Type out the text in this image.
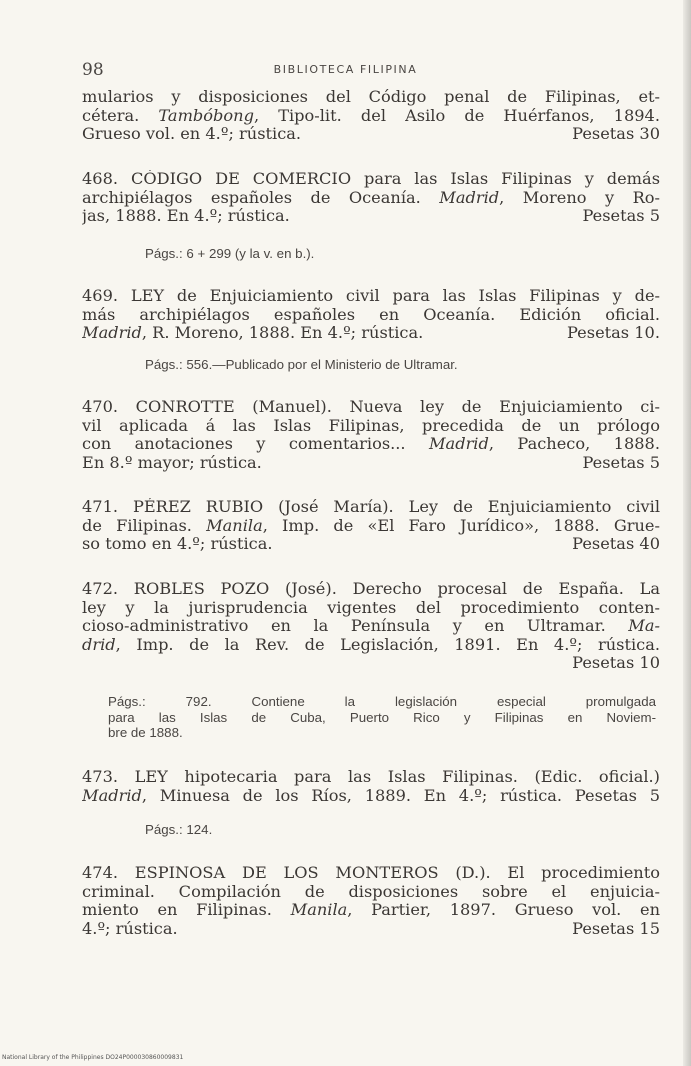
98	BIBLIOTECA FILIPINA
mularios y disposiciones del Código penal de Filipinas, et-
cétera. Tambóbong, Tipo-lit. del Asilo de Huérfanos, 1894.
Grueso vol. en 4.º; rústica.	Pesetas 30
468. CÓDIGO DE COMERCIO para las Islas Filipinas y demás
archipiélagos españoles de Oceanía. Madrid, Moreno y Ro-
jas, 1888. En 4.º; rústica.	Pesetas 5
Págs.: 6 + 299 (y la v. en b.).
469. LEY de Enjuiciamiento civil para las Islas Filipinas y de-
más archipiélagos españoles en Oceanía. Edición oficial.
Madrid, R. Moreno, 1888. En 4.º; rústica.	Pesetas 10.
Págs.: 556.—Publicado por el Ministerio de Ultramar.
470. CONROTTE (Manuel). Nueva ley de Enjuiciamiento ci-
vil aplicada á las Islas Filipinas, precedida de un prólogo
con anotaciones y comentarios... Madrid, Pacheco, 1888.
En 8.º mayor; rústica.	Pesetas 5
471. PÉREZ RUBIO (José María). Ley de Enjuiciamiento civil
de Filipinas. Manila, Imp. de «El Faro Jurídico», 1888. Grue-
so tomo en 4.º; rústica.	Pesetas 40
472. ROBLES POZO (José). Derecho procesal de España. La
ley y la jurisprudencia vigentes del procedimiento conten-
cioso-administrativo en la Península y en Ultramar. Ma-
drid, Imp. de la Rev. de Legislación, 1891. En 4.º; rústica.
Pesetas 10
Págs.: 792. Contiene la legislación especial promulgada
para las Islas de Cuba, Puerto Rico y Filipinas en Noviem-
bre de 1888.
473. LEY hipotecaria para las Islas Filipinas. (Edic. oficial.)
Madrid, Minuesa de los Ríos, 1889. En 4.º; rústica. Pesetas 5
Págs.: 124.
474. ESPINOSA DE LOS MONTEROS (D.). El procedimiento
criminal. Compilación de disposiciones sobre el enjuicia-
miento en Filipinas. Manila, Partier, 1897. Grueso vol. en
4.º; rústica.	Pesetas 15
National Library of the Philippines DO24P000030860009831
